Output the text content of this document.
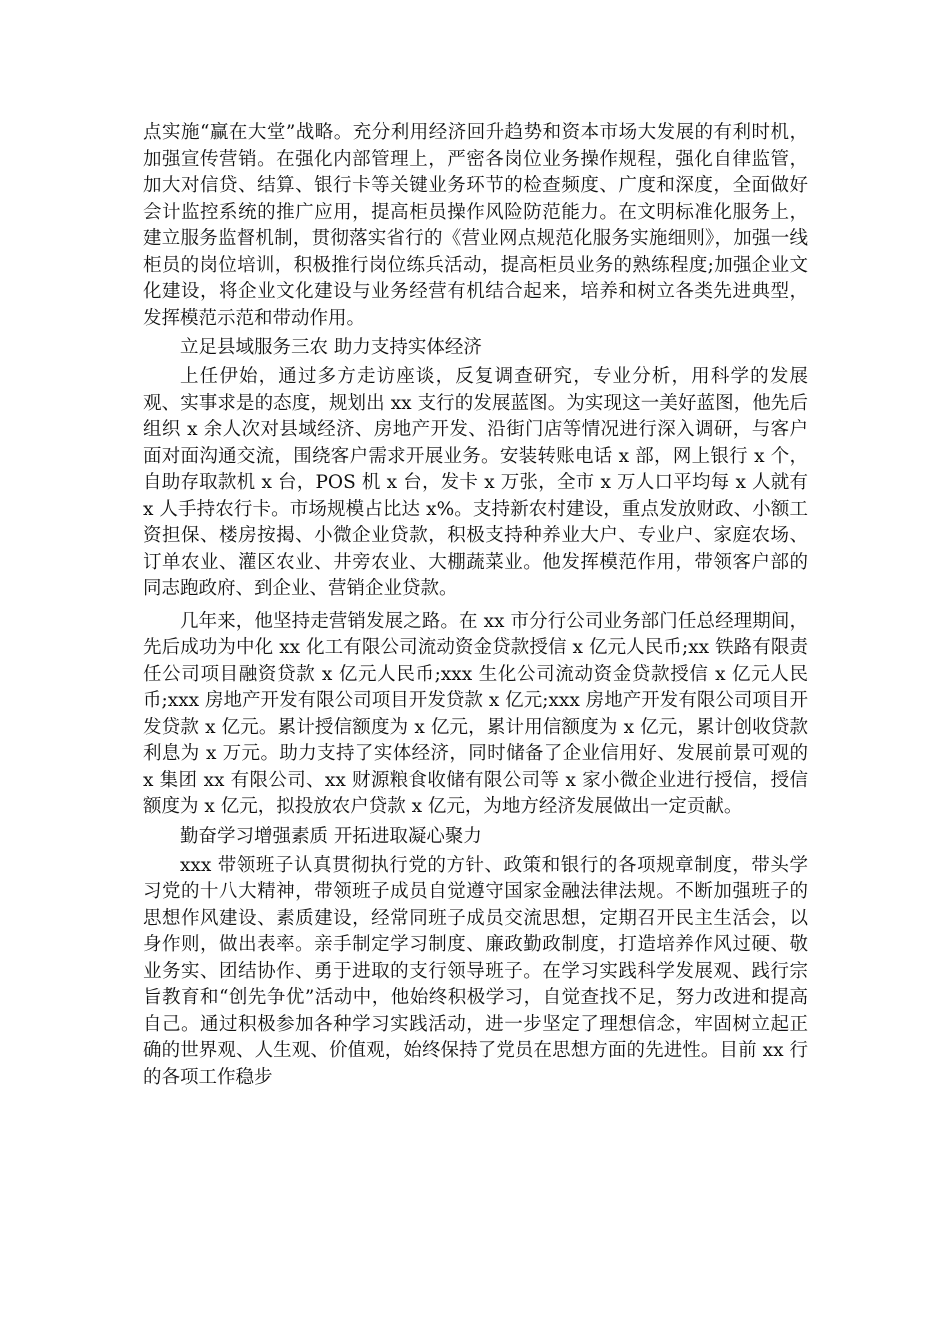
点实施“赢在大堂”战略。充分利用经济回升趋势和资本市场大发展的有利时机，加强宣传营销。在强化内部管理上，严密各岗位业务操作规程，强化自律监管，加大对信贷、结算、银行卡等关键业务环节的检查频度、广度和深度，全面做好会计监控系统的推广应用，提高柜员操作风险防范能力。在文明标准化服务上，建立服务监督机制，贯彻落实省行的《营业网点规范化服务实施细则》，加强一线柜员的岗位培训，积极推行岗位练兵活动，提高柜员业务的熟练程度;加强企业文化建设，将企业文化建设与业务经营有机结合起来，培养和树立各类先进典型，发挥模范示范和带动作用。

立足县域服务三农 助力支持实体经济

上任伊始，通过多方走访座谈，反复调查研究，专业分析，用科学的发展观、实事求是的态度，规划出 xx 支行的发展蓝图。为实现这一美好蓝图，他先后组织 x 余人次对县域经济、房地产开发、沿街门店等情况进行深入调研，与客户面对面沟通交流，围绕客户需求开展业务。安装转账电话 x 部，网上银行 x 个，自助存取款机 x 台，POS 机 x 台，发卡 x 万张，全市 x 万人口平均每 x 人就有 x 人手持农行卡。市场规模占比达 x%。支持新农村建设，重点发放财政、小额工资担保、楼房按揭、小微企业贷款，积极支持种养业大户、专业户、家庭农场、订单农业、灌区农业、井旁农业、大棚蔬菜业。他发挥模范作用，带领客户部的同志跑政府、到企业、营销企业贷款。

几年来，他坚持走营销发展之路。在 xx 市分行公司业务部门任总经理期间，先后成功为中化 xx 化工有限公司流动资金贷款授信 x 亿元人民币;xx 铁路有限责任公司项目融资贷款 x 亿元人民币;xxx 生化公司流动资金贷款授信 x 亿元人民币;xxx 房地产开发有限公司项目开发贷款 x 亿元;xxx 房地产开发有限公司项目开发贷款 x 亿元。累计授信额度为 x 亿元，累计用信额度为 x 亿元，累计创收贷款利息为 x 万元。助力支持了实体经济，同时储备了企业信用好、发展前景可观的 x 集团 xx 有限公司、xx 财源粮食收储有限公司等 x 家小微企业进行授信，授信额度为 x 亿元，拟投放农户贷款 x 亿元，为地方经济发展做出一定贡献。

勤奋学习增强素质 开拓进取凝心聚力

xxx 带领班子认真贯彻执行党的方针、政策和银行的各项规章制度，带头学习党的十八大精神，带领班子成员自觉遵守国家金融法律法规。不断加强班子的思想作风建设、素质建设，经常同班子成员交流思想，定期召开民主生活会，以身作则，做出表率。亲手制定学习制度、廉政勤政制度，打造培养作风过硬、敬业务实、团结协作、勇于进取的支行领导班子。在学习实践科学发展观、践行宗旨教育和“创先争优”活动中，他始终积极学习，自觉查找不足，努力改进和提高自己。通过积极参加各种学习实践活动，进一步坚定了理想信念，牢固树立起正确的世界观、人生观、价值观，始终保持了党员在思想方面的先进性。目前 xx 行的各项工作稳步
